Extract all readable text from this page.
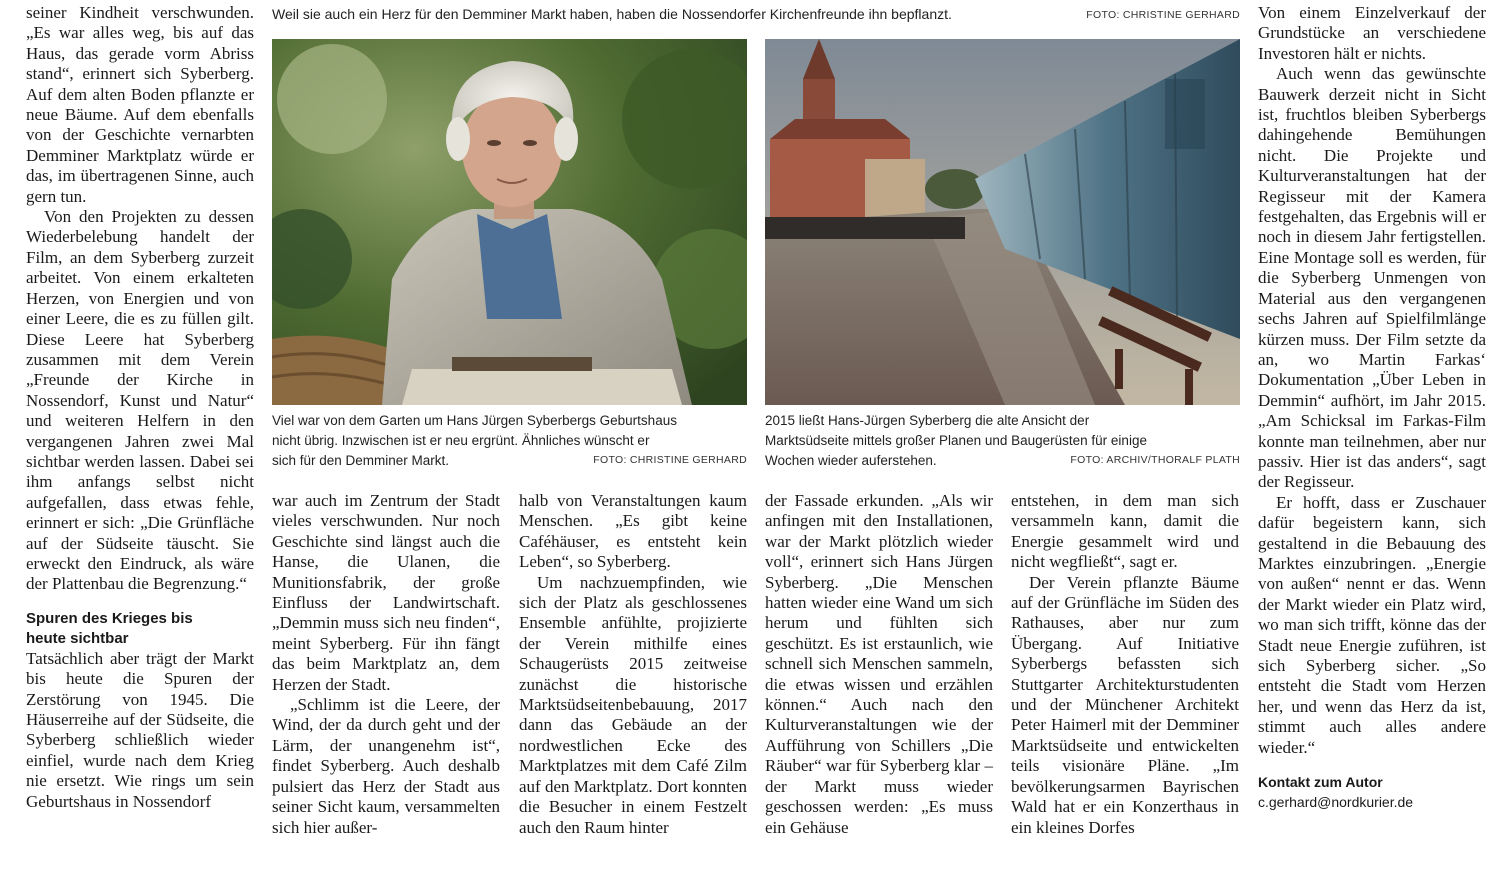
Weil sie auch ein Herz für den Demminer Markt haben, haben die Nossendorfer Kirchenfreunde ihn bepflanzt.	FOTO: CHRISTINE GERHARD
Viel war von dem Garten um Hans Jürgen Syberbergs Geburtshaus
nicht übrig. Inzwischen ist er neu ergrünt. Ähnliches wünscht er
sich für den Demminer Markt.	FOTO: CHRISTINE GERHARD
2015 ließt Hans-Jürgen Syberberg die alte Ansicht der
Marktsüdseite mittels großer Planen und Baugerüsten für einige
Wochen wieder auferstehen.	FOTO: ARCHIV/THORALF PLATH

seiner Kindheit verschwunden. „Es war alles weg, bis auf das Haus, das gerade vorm Abriss stand“, erinnert sich Syberberg. Auf dem alten Boden pflanzte er neue Bäume. Auf dem ebenfalls von der Geschichte vernarbten Demminer Marktplatz würde er das, im übertragenen Sinne, auch gern tun.

Von den Projekten zu dessen Wiederbelebung handelt der Film, an dem Syberberg zurzeit arbeitet. Von einem erkalteten Herzen, von Energien und von einer Leere, die es zu füllen gilt. Diese Leere hat Syberberg zusammen mit dem Verein „Freunde der Kirche in Nossendorf, Kunst und Natur“ und weiteren Helfern in den vergangenen Jahren zwei Mal sichtbar werden lassen. Dabei sei ihm anfangs selbst nicht aufgefallen, dass etwas fehle, erinnert er sich: „Die Grünfläche auf der Südseite täuscht. Sie erweckt den Eindruck, als wäre der Plattenbau die Begrenzung.“

Spuren des Krieges bis
heute sichtbar

Tatsächlich aber trägt der Markt bis heute die Spuren der Zerstörung von 1945. Die Häuserreihe auf der Südseite, die Syberberg schließlich wieder einfiel, wurde nach dem Krieg nie ersetzt. Wie rings um sein Geburtshaus in Nossendorf

war auch im Zentrum der Stadt vieles verschwunden. Nur noch Geschichte sind längst auch die Hanse, die Ulanen, die Munitionsfabrik, der große Einfluss der Landwirtschaft. „Demmin muss sich neu finden“, meint Syberberg. Für ihn fängt das beim Marktplatz an, dem Herzen der Stadt.

„Schlimm ist die Leere, der Wind, der da durch geht und der Lärm, der unangenehm ist“, findet Syberberg. Auch deshalb pulsiert das Herz der Stadt aus seiner Sicht kaum, versammelten sich hier außer-

halb von Veranstaltungen kaum Menschen. „Es gibt keine Caféhäuser, es entsteht kein Leben“, so Syberberg.

Um nachzuempfinden, wie sich der Platz als geschlossenes Ensemble anfühlte, projizierte der Verein mithilfe eines Schaugerüsts 2015 zeitweise zunächst die historische Marktsüdseitenbebauung, 2017 dann das Gebäude an der nordwestlichen Ecke des Marktplatzes mit dem Café Zilm auf den Marktplatz. Dort konnten die Besucher in einem Festzelt auch den Raum hinter

der Fassade erkunden. „Als wir anfingen mit den Installationen, war der Markt plötzlich wieder voll“, erinnert sich Hans Jürgen Syberberg. „Die Menschen hatten wieder eine Wand um sich herum und fühlten sich geschützt. Es ist erstaunlich, wie schnell sich Menschen sammeln, die etwas wissen und erzählen können.“ Auch nach den Kulturveranstaltungen wie der Aufführung von Schillers „Die Räuber“ war für Syberberg klar – der Markt muss wieder geschossen werden: „Es muss ein Gehäuse

entstehen, in dem man sich versammeln kann, damit die Energie gesammelt wird und nicht wegfließt“, sagt er.

Der Verein pflanzte Bäume auf der Grünfläche im Süden des Rathauses, aber nur zum Übergang. Auf Initiative Syberbergs befassten sich Stuttgarter Architekturstudenten und der Münchener Architekt Peter Haimerl mit der Demminer Marktsüdseite und entwickelten teils visionäre Pläne. „Im bevölkerungsarmen Bayrischen Wald hat er ein Konzerthaus in ein kleines Dorfes

Von einem Einzelverkauf der Grundstücke an verschiedene Investoren hält er nichts.

Auch wenn das gewünschte Bauwerk derzeit nicht in Sicht ist, fruchtlos bleiben Syberbergs dahingehende Bemühungen nicht. Die Projekte und Kulturveranstaltungen hat der Regisseur mit der Kamera festgehalten, das Ergebnis will er noch in diesem Jahr fertigstellen. Eine Montage soll es werden, für die Syberberg Unmengen von Material aus den vergangenen sechs Jahren auf Spielfilmlänge kürzen muss. Der Film setzte da an, wo Martin Farkas‘ Dokumentation „Über Leben in Demmin“ aufhört, im Jahr 2015. „Am Schicksal im Farkas-Film konnte man teilnehmen, aber nur passiv. Hier ist das anders“, sagt der Regisseur.

Er hofft, dass er Zuschauer dafür begeistern kann, sich gestaltend in die Bebauung des Marktes einzubringen. „Energie von außen“ nennt er das. Wenn der Markt wieder ein Platz wird, wo man sich trifft, könne das der Stadt neue Energie zuführen, ist sich Syberberg sicher. „So entsteht die Stadt vom Herzen her, und wenn das Herz da ist, stimmt auch alles andere wieder.“

Kontakt zum Autor
c.gerhard@nordkurier.de
